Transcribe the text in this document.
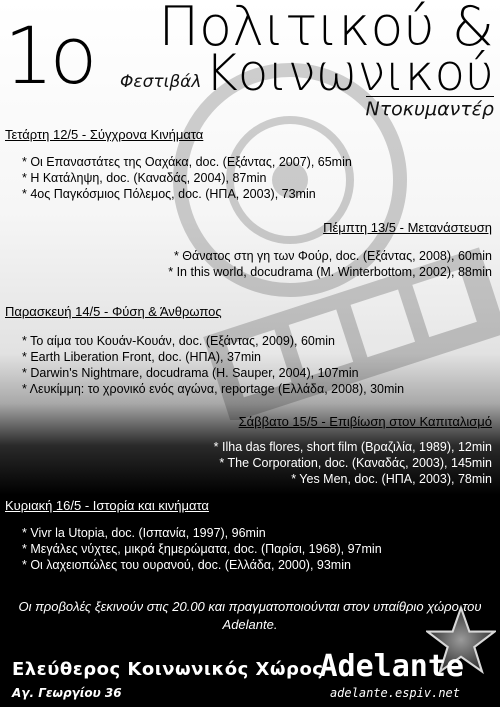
1ο Φεστιβάλ
Πολιτικού &
Κοινωνικού
Ντοκυμαντέρ
Τετάρτη 12/5 - Σύγχρονα Κινήματα
* Οι Επαναστάτες της Οαχάκα, doc. (Εξάντας, 2007), 65min
* Η Κατάληψη, doc. (Καναδάς, 2004), 87min
* 4ος Παγκόσμιος Πόλεμος, doc. (ΗΠΑ, 2003), 73min
Πέμπτη 13/5 - Μετανάστευση
* Θάνατος στη γη των Φούρ, doc. (Εξάντας, 2008), 60min
* In this world, docudrama (M. Winterbottom, 2002), 88min
Παρασκευή 14/5 - Φύση & Άνθρωπος
* Το αίμα του Κουάν-Κουάν, doc. (Εξάντας, 2009), 60min
* Earth Liberation Front, doc. (ΗΠΑ), 37min
* Darwin's Nightmare, docudrama (H. Sauper, 2004), 107min
* Λευκίμμη: το χρονικό ενός αγώνα, reportage (Ελλάδα, 2008), 30min
Σάββατο 15/5 - Επιβίωση στον Καπιταλισμό
* Ilha das flores, short film (Βραζιλία, 1989), 12min
* The Corporation, doc. (Καναδάς, 2003), 145min
* Yes Men, doc. (ΗΠΑ, 2003), 78min
Κυριακή 16/5 - Ιστορία και κινήματα
* Vivr la Utopia, doc. (Ισπανία, 1997), 96min
* Μεγάλες νύχτες, μικρά ξημερώματα, doc. (Παρίσι, 1968), 97min
* Οι λαχειοπώλες του ουρανού, doc. (Ελλάδα, 2000), 93min
Οι προβολές ξεκινούν στις 20.00 και πραγματοποιούνται στον υπαίθριο χώρο του Adelante.
Ελεύθερος Κοινωνικός Χώρος
Adelante
Αγ. Γεωργίου 36	adelante.espiv.net
